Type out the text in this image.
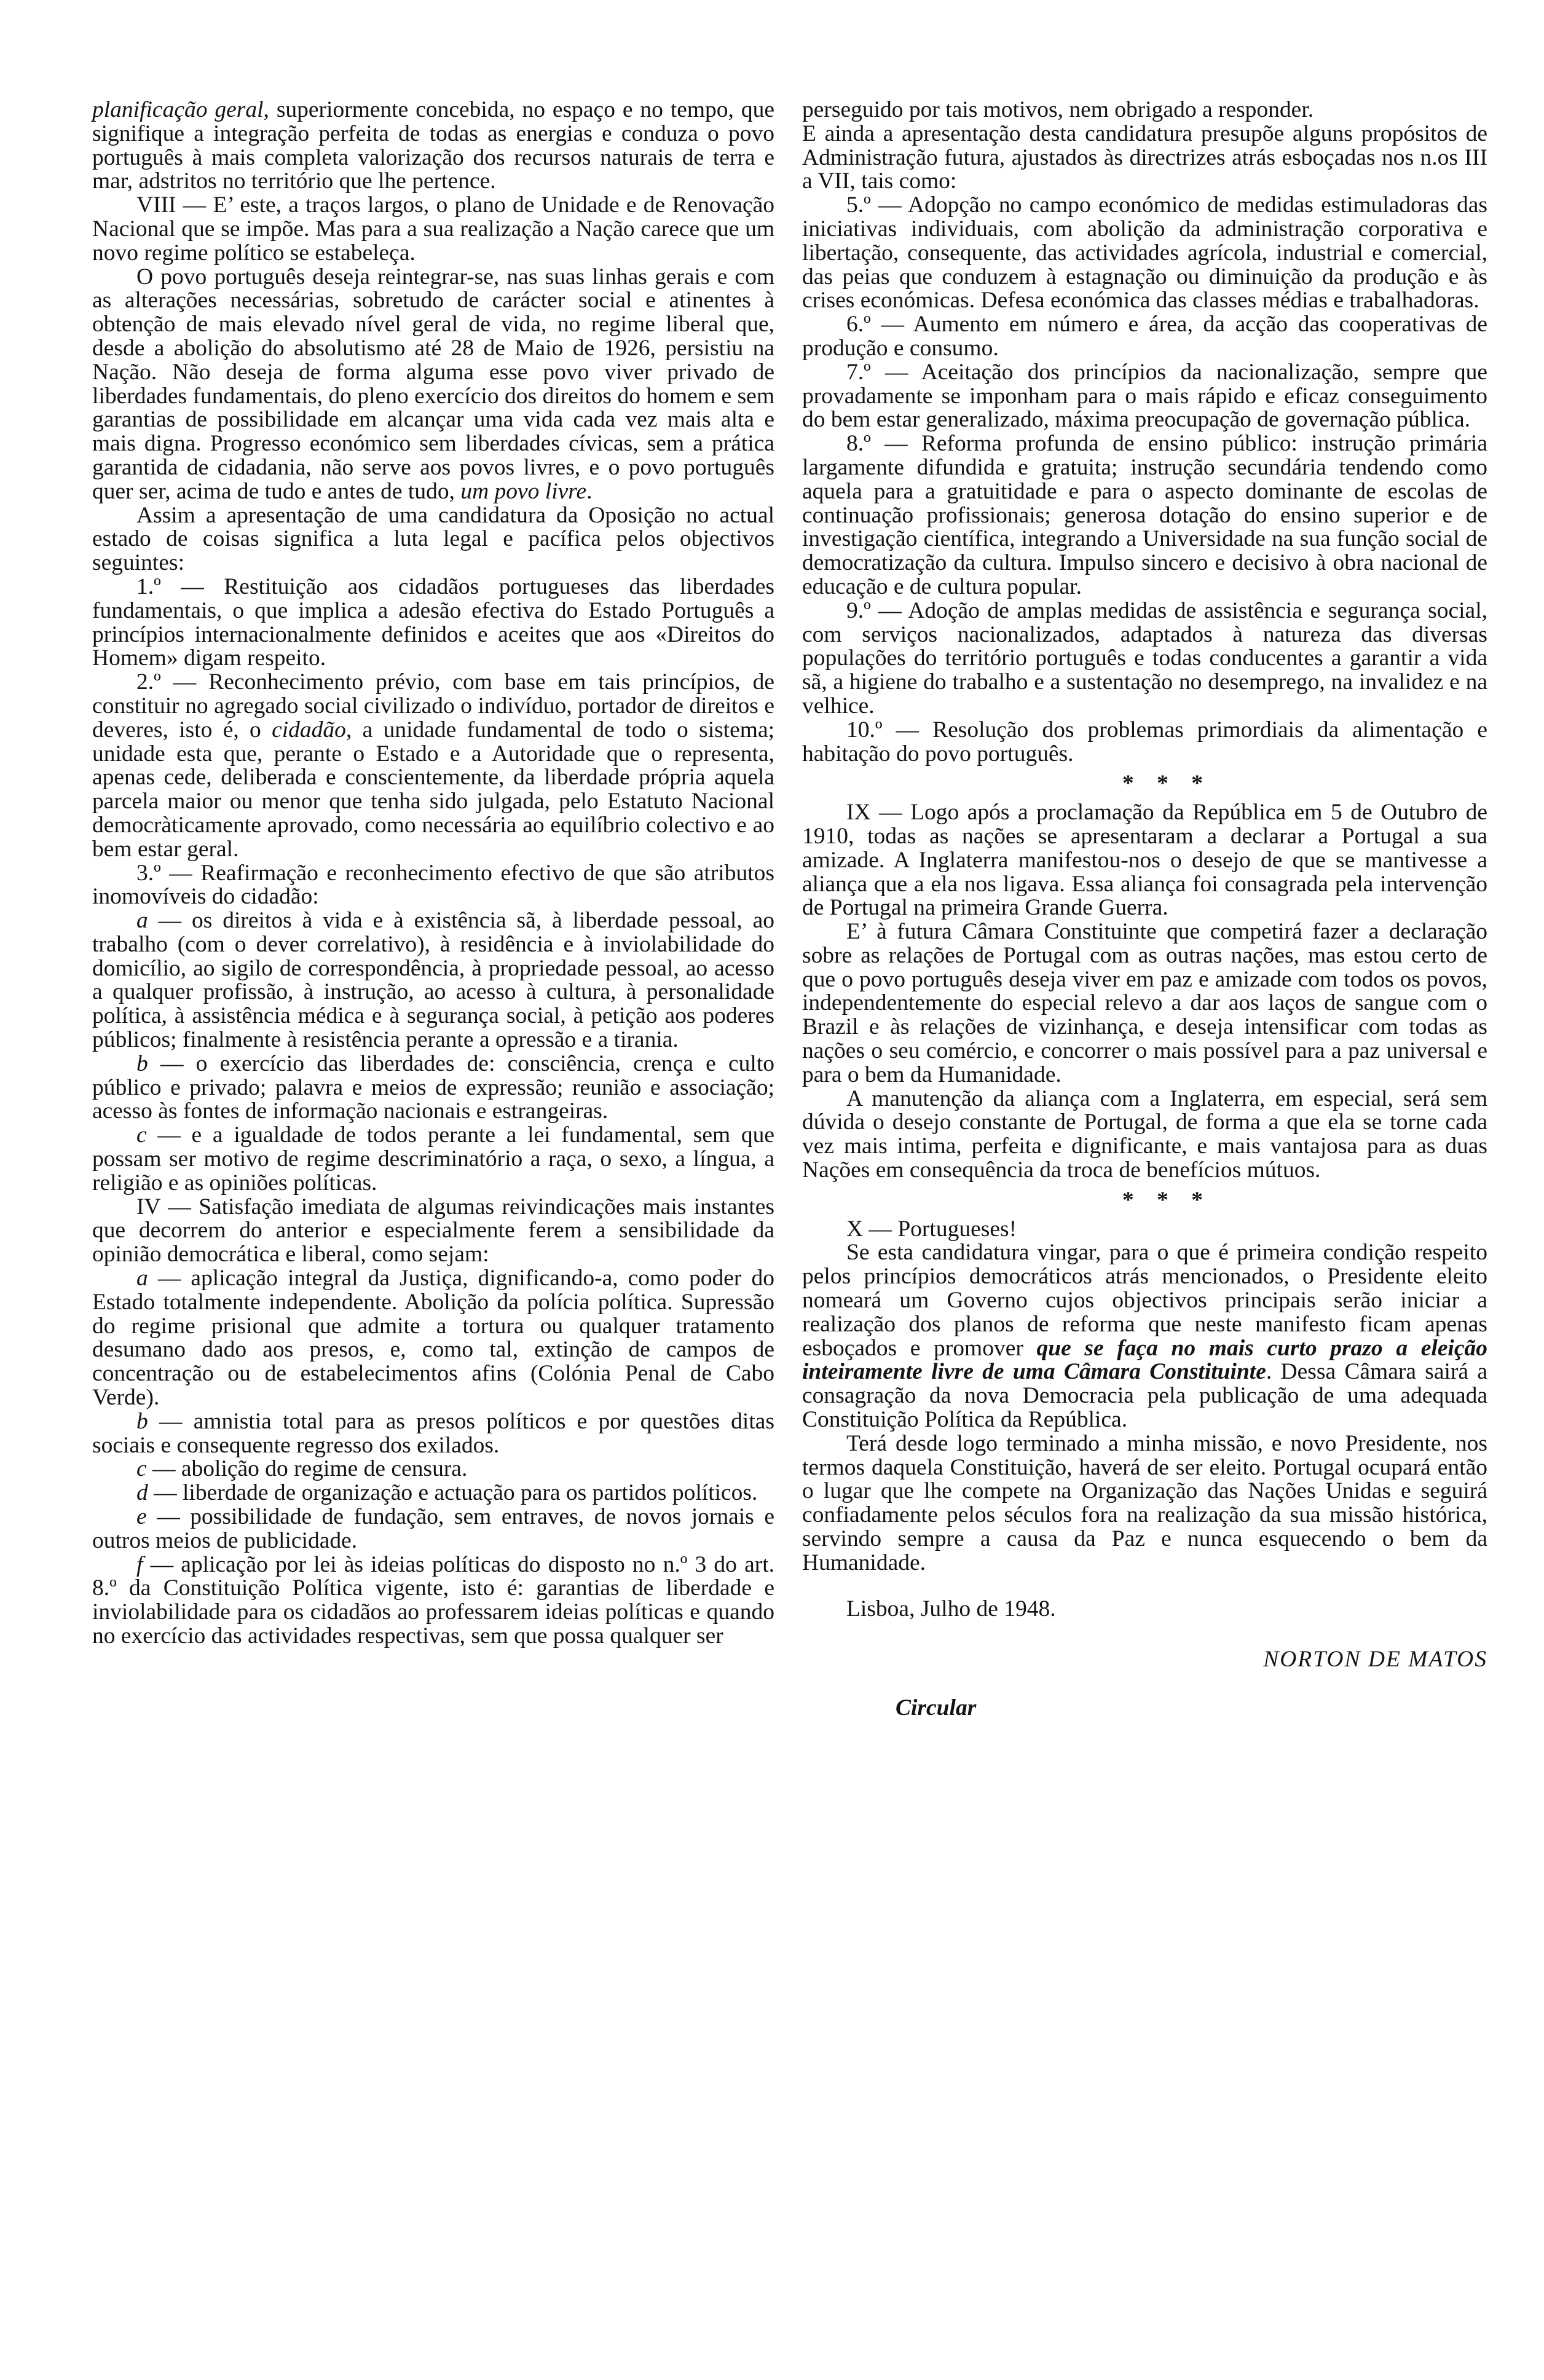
planificação geral, superiormente concebida, no espaço e no tempo, que signifique a integração perfeita de todas as energias e conduza o povo português à mais completa valorização dos recursos naturais de terra e mar, adstritos no território que lhe pertence.

VIII — E’ este, a traços largos, o plano de Unidade e de Renovação Nacional que se impõe. Mas para a sua realização a Nação carece que um novo regime político se estabeleça.

O povo português deseja reintegrar-se, nas suas linhas gerais e com as alterações necessárias, sobretudo de carácter social e atinentes à obtenção de mais elevado nível geral de vida, no regime liberal que, desde a abolição do absolutismo até 28 de Maio de 1926, persistiu na Nação. Não deseja de forma alguma esse povo viver privado de liberdades fundamentais, do pleno exercício dos direitos do homem e sem garantias de possibilidade em alcançar uma vida cada vez mais alta e mais digna. Progresso económico sem liberdades cívicas, sem a prática garantida de cidadania, não serve aos povos livres, e o povo português quer ser, acima de tudo e antes de tudo, um povo livre.

Assim a apresentação de uma candidatura da Oposição no actual estado de coisas significa a luta legal e pacífica pelos objectivos seguintes:

1.º — Restituição aos cidadãos portugueses das liberdades fundamentais, o que implica a adesão efectiva do Estado Português a princípios internacionalmente definidos e aceites que aos «Direitos do Homem» digam respeito.

2.º — Reconhecimento prévio, com base em tais princípios, de constituir no agregado social civilizado o indivíduo, portador de direitos e deveres, isto é, o cidadão, a unidade fundamental de todo o sistema; unidade esta que, perante o Estado e a Autoridade que o representa, apenas cede, deliberada e conscientemente, da liberdade própria aquela parcela maior ou menor que tenha sido julgada, pelo Estatuto Nacional democràticamente aprovado, como necessária ao equilíbrio colectivo e ao bem estar geral.

3.º — Reafirmação e reconhecimento efectivo de que são atributos inomovíveis do cidadão:

a — os direitos à vida e à existência sã, à liberdade pessoal, ao trabalho (com o dever correlativo), à residência e à inviolabilidade do domicílio, ao sigilo de correspondência, à propriedade pessoal, ao acesso a qualquer profissão, à instrução, ao acesso à cultura, à personalidade política, à assistência médica e à segurança social, à petição aos poderes públicos; finalmente à resistência perante a opressão e a tirania.

b — o exercício das liberdades de: consciência, crença e culto público e privado; palavra e meios de expressão; reunião e associação; acesso às fontes de informação nacionais e estrangeiras.

c — e a igualdade de todos perante a lei fundamental, sem que possam ser motivo de regime descriminatório a raça, o sexo, a língua, a religião e as opiniões políticas.

IV — Satisfação imediata de algumas reivindicações mais instantes que decorrem do anterior e especialmente ferem a sensibilidade da opinião democrática e liberal, como sejam:

a — aplicação integral da Justiça, dignificando-a, como poder do Estado totalmente independente. Abolição da polícia política. Supressão do regime prisional que admite a tortura ou qualquer tratamento desumano dado aos presos, e, como tal, extinção de campos de concentração ou de estabelecimentos afins (Colónia Penal de Cabo Verde).

b — amnistia total para as presos políticos e por questões ditas sociais e consequente regresso dos exilados.

c — abolição do regime de censura.

d — liberdade de organização e actuação para os partidos políticos.

e — possibilidade de fundação, sem entraves, de novos jornais e outros meios de publicidade.

f — aplicação por lei às ideias políticas do disposto no n.º 3 do art. 8.º da Constituição Política vigente, isto é: garantias de liberdade e inviolabilidade para os cidadãos ao professarem ideias políticas e quando no exercício das actividades respectivas, sem que possa qualquer ser

perseguido por tais motivos, nem obrigado a responder.

E ainda a apresentação desta candidatura presupõe alguns propósitos de Administração futura, ajustados às directrizes atrás esboçadas nos n.os III a VII, tais como:

5.º — Adopção no campo económico de medidas estimuladoras das iniciativas individuais, com abolição da administração corporativa e libertação, consequente, das actividades agrícola, industrial e comercial, das peias que conduzem à estagnação ou diminuição da produção e às crises económicas. Defesa económica das classes médias e trabalhadoras.

6.º — Aumento em número e área, da acção das cooperativas de produção e consumo.

7.º — Aceitação dos princípios da nacionalização, sempre que provadamente se imponham para o mais rápido e eficaz conseguimento do bem estar generalizado, máxima preocupação de governação pública.

8.º — Reforma profunda de ensino público: instrução primária largamente difundida e gratuita; instrução secundária tendendo como aquela para a gratuitidade e para o aspecto dominante de escolas de continuação profissionais; generosa dotação do ensino superior e de investigação científica, integrando a Universidade na sua função social de democratização da cultura. Impulso sincero e decisivo à obra nacional de educação e de cultura popular.

9.º — Adoção de amplas medidas de assistência e segurança social, com serviços nacionalizados, adaptados à natureza das diversas populações do território português e todas conducentes a garantir a vida sã, a higiene do trabalho e a sustentação no desemprego, na invalidez e na velhice.

10.º — Resolução dos problemas primordiais da alimentação e habitação do povo português.

* * *

IX — Logo após a proclamação da República em 5 de Outubro de 1910, todas as nações se apresentaram a declarar a Portugal a sua amizade. A Inglaterra manifestou-nos o desejo de que se mantivesse a aliança que a ela nos ligava. Essa aliança foi consagrada pela intervenção de Portugal na primeira Grande Guerra.

E’ à futura Câmara Constituinte que competirá fazer a declaração sobre as relações de Portugal com as outras nações, mas estou certo de que o povo português deseja viver em paz e amizade com todos os povos, independentemente do especial relevo a dar aos laços de sangue com o Brazil e às relações de vizinhança, e deseja intensificar com todas as nações o seu comércio, e concorrer o mais possível para a paz universal e para o bem da Humanidade.

A manutenção da aliança com a Inglaterra, em especial, será sem dúvida o desejo constante de Portugal, de forma a que ela se torne cada vez mais intima, perfeita e dignificante, e mais vantajosa para as duas Nações em consequência da troca de benefícios mútuos.

* * *

X — Portugueses!

Se esta candidatura vingar, para o que é primeira condição respeito pelos princípios democráticos atrás mencionados, o Presidente eleito nomeará um Governo cujos objectivos principais serão iniciar a realização dos planos de reforma que neste manifesto ficam apenas esboçados e promover que se faça no mais curto prazo a eleição inteiramente livre de uma Câmara Constituinte. Dessa Câmara sairá a consagração da nova Democracia pela publicação de uma adequada Constituição Política da República.

Terá desde logo terminado a minha missão, e novo Presidente, nos termos daquela Constituição, haverá de ser eleito. Portugal ocupará então o lugar que lhe compete na Organização das Nações Unidas e seguirá confiadamente pelos séculos fora na realização da sua missão histórica, servindo sempre a causa da Paz e nunca esquecendo o bem da Humanidade.

Lisboa, Julho de 1948.

NORTON DE MATOS

Circular
